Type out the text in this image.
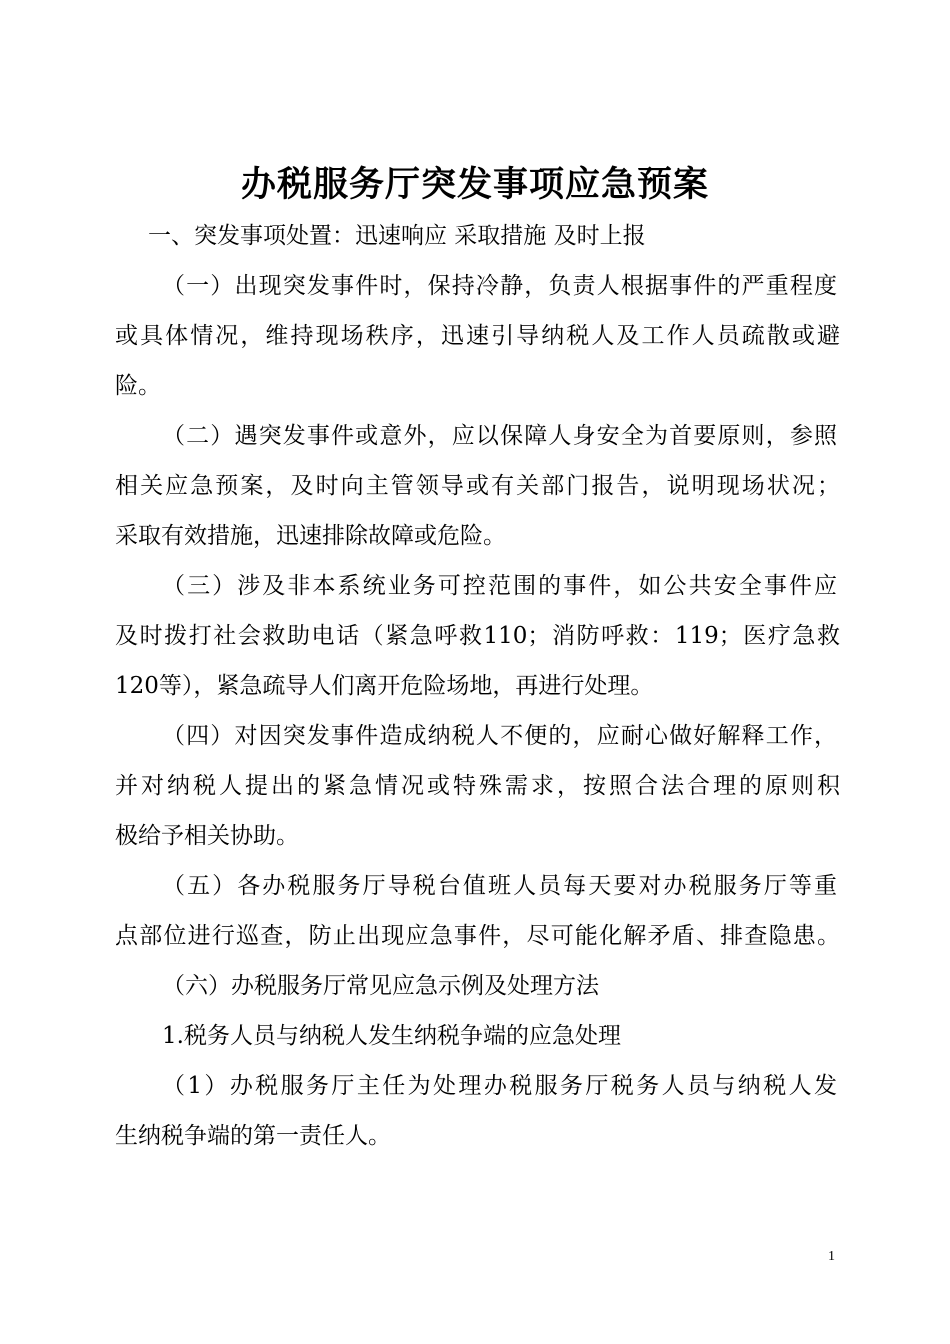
办税服务厅突发事项应急预案
一、突发事项处置：迅速响应 采取措施 及时上报
（一）出现突发事件时，保持冷静，负责人根据事件的严重程度
或具体情况，维持现场秩序，迅速引导纳税人及工作人员疏散或避
险。
（二）遇突发事件或意外，应以保障人身安全为首要原则，参照
相关应急预案，及时向主管领导或有关部门报告，说明现场状况；
采取有效措施，迅速排除故障或危险。
（三）涉及非本系统业务可控范围的事件，如公共安全事件应
及时拨打社会救助电话（紧急呼救110；消防呼救：119；医疗急救
120等），紧急疏导人们离开危险场地，再进行处理。
（四）对因突发事件造成纳税人不便的，应耐心做好解释工作，
并对纳税人提出的紧急情况或特殊需求，按照合法合理的原则积
极给予相关协助。
（五）各办税服务厅导税台值班人员每天要对办税服务厅等重
点部位进行巡查，防止出现应急事件，尽可能化解矛盾、排查隐患。
（六）办税服务厅常见应急示例及处理方法
1.税务人员与纳税人发生纳税争端的应急处理
（1）办税服务厅主任为处理办税服务厅税务人员与纳税人发
生纳税争端的第一责任人。
1
